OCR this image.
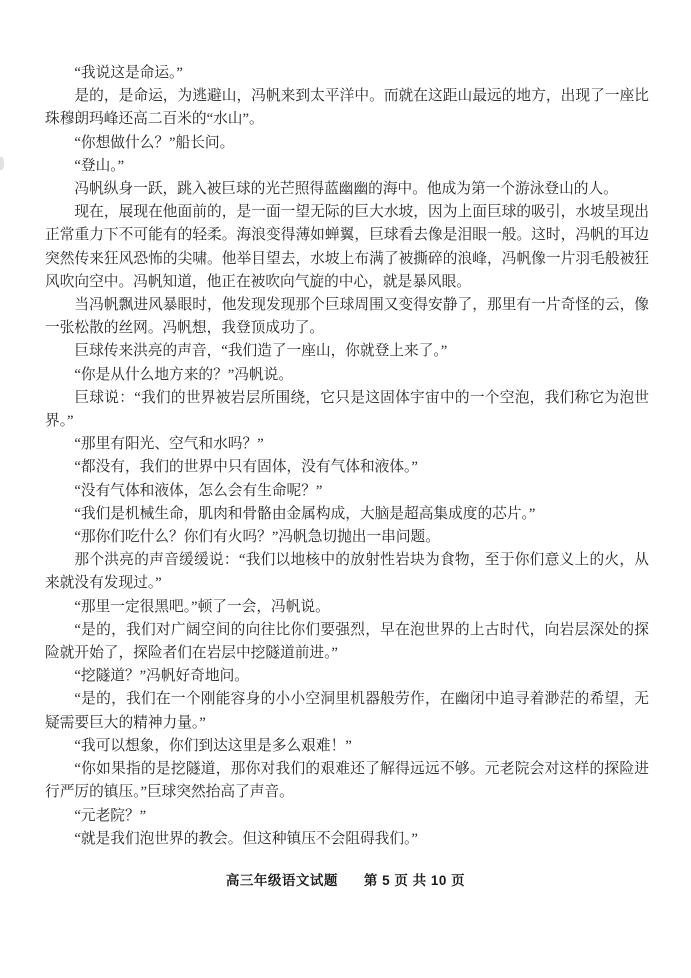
“我说这是命运。”

是的，是命运，为逃避山，冯帆来到太平洋中。而就在这距山最远的地方，出现了一座比珠穆朗玛峰还高二百米的“水山”。

“你想做什么？”船长问。

“登山。”

冯帆纵身一跃，跳入被巨球的光芒照得蓝幽幽的海中。他成为第一个游泳登山的人。

现在，展现在他面前的，是一面一望无际的巨大水坡，因为上面巨球的吸引，水坡呈现出正常重力下不可能有的轻柔。海浪变得薄如蝉翼，巨球看去像是泪眼一般。这时，冯帆的耳边突然传来狂风恐怖的尖啸。他举目望去，水坡上布满了被撕碎的浪峰，冯帆像一片羽毛般被狂风吹向空中。冯帆知道，他正在被吹向气旋的中心，就是暴风眼。

当冯帆飘进风暴眼时，他发现发现那个巨球周围又变得安静了，那里有一片奇怪的云，像一张松散的丝网。冯帆想，我登顶成功了。

巨球传来洪亮的声音，“我们造了一座山，你就登上来了。”

“你是从什么地方来的？”冯帆说。

巨球说：“我们的世界被岩层所围绕，它只是这固体宇宙中的一个空泡，我们称它为泡世界。”

“那里有阳光、空气和水吗？”

“都没有，我们的世界中只有固体，没有气体和液体。”

“没有气体和液体，怎么会有生命呢？”

“我们是机械生命，肌肉和骨骼由金属构成，大脑是超高集成度的芯片。”

“那你们吃什么？你们有火吗？”冯帆急切抛出一串问题。

那个洪亮的声音缓缓说：“我们以地核中的放射性岩块为食物，至于你们意义上的火，从来就没有发现过。”

“那里一定很黑吧。”顿了一会，冯帆说。

“是的，我们对广阔空间的向往比你们要强烈，早在泡世界的上古时代，向岩层深处的探险就开始了，探险者们在岩层中挖隧道前进。”

“挖隧道？”冯帆好奇地问。

“是的，我们在一个刚能容身的小小空洞里机器般劳作，在幽闭中追寻着渺茫的希望，无疑需要巨大的精神力量。”

“我可以想象，你们到达这里是多么艰难！”

“你如果指的是挖隧道，那你对我们的艰难还了解得远远不够。元老院会对这样的探险进行严厉的镇压。”巨球突然抬高了声音。

“元老院？”

“就是我们泡世界的教会。但这种镇压不会阻碍我们。”

高三年级语文试题 第 5 页 共 10 页
